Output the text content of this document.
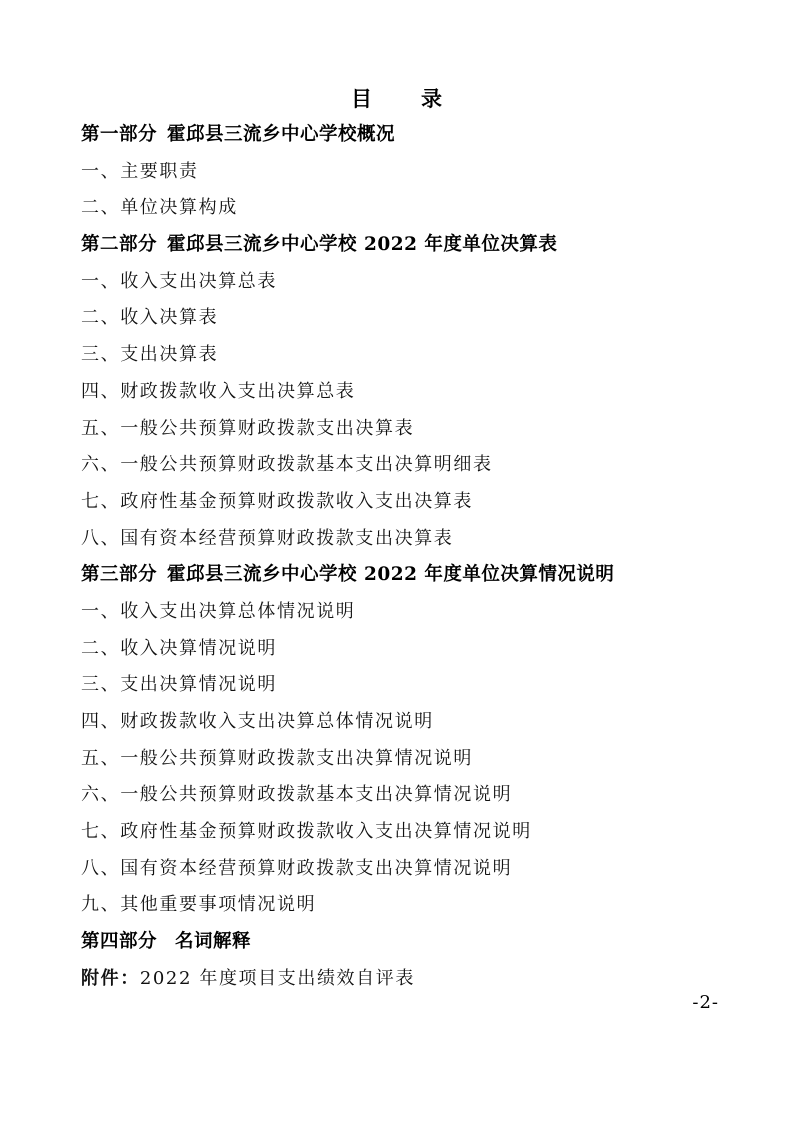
目　录
第一部分 霍邱县三流乡中心学校概况
一、主要职责
二、单位决算构成
第二部分 霍邱县三流乡中心学校 2022 年度单位决算表
一、收入支出决算总表
二、收入决算表
三、支出决算表
四、财政拨款收入支出决算总表
五、一般公共预算财政拨款支出决算表
六、一般公共预算财政拨款基本支出决算明细表
七、政府性基金预算财政拨款收入支出决算表
八、国有资本经营预算财政拨款支出决算表
第三部分 霍邱县三流乡中心学校 2022 年度单位决算情况说明
一、收入支出决算总体情况说明
二、收入决算情况说明
三、支出决算情况说明
四、财政拨款收入支出决算总体情况说明
五、一般公共预算财政拨款支出决算情况说明
六、一般公共预算财政拨款基本支出决算情况说明
七、政府性基金预算财政拨款收入支出决算情况说明
八、国有资本经营预算财政拨款支出决算情况说明
九、其他重要事项情况说明
第四部分 名词解释
附件：2022 年度项目支出绩效自评表
-2-
